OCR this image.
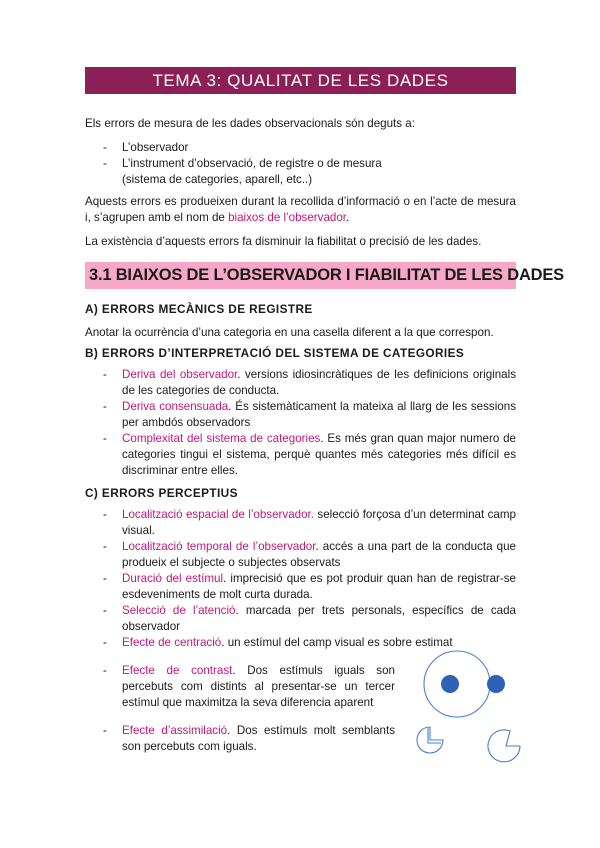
TEMA 3: QUALITAT DE LES DADES

Els errors de mesura de les dades observacionals són deguts a:

- L’observador
- L’instrument d’observació, de registre o de mesura
(sistema de categories, aparell, etc..)

Aquests errors es produeixen durant la recollida d’informació o en l’acte de mesura i, s’agrupen amb el nom de biaixos de l’observador.

La existència d’aquests errors fa disminuir la fiabilitat o precisió de les dades.

3.1 BIAIXOS DE L’OBSERVADOR I FIABILITAT DE LES DADES
A) ERRORS MECÀNICS DE REGISTRE

Anotar la ocurrència d’una categoria en una casella diferent a la que correspon.

B) ERRORS D’INTERPRETACIÓ DEL SISTEMA DE CATEGORIES
- Deriva del observador. versions idiosincràtiques de les definicions originals de les categories de conducta.
- Deriva consensuada. És sistemàticament la mateixa al llarg de les sessions per ambdós observadors
- Complexitat del sistema de categories. Es més gran quan major numero de categories tingui el sistema, perquè quantes més categories més difícil es discriminar entre elles.
C) ERRORS PERCEPTIUS
- Localització espacial de l’observador. selecció forçosa d’un determinat camp visual.
- Localització temporal de l’observador. accés a una part de la conducta que produeix el subjecte o subjectes observats
- Duració del estímul. imprecisió que es pot produir quan han de registrar-se esdeveniments de molt curta durada.
- Selecció de l’atenció. marcada per trets personals, específics de cada observador
- Efecte de centració. un estímul del camp visual es sobre estimat
- Efecte de contrast. Dos estímuls iguals son percebuts com distints al presentar-se un tercer estímul que maximitza la seva diferencia aparent
- Efecte d’assimilació. Dos estímuls molt semblants son percebuts com iguals.
